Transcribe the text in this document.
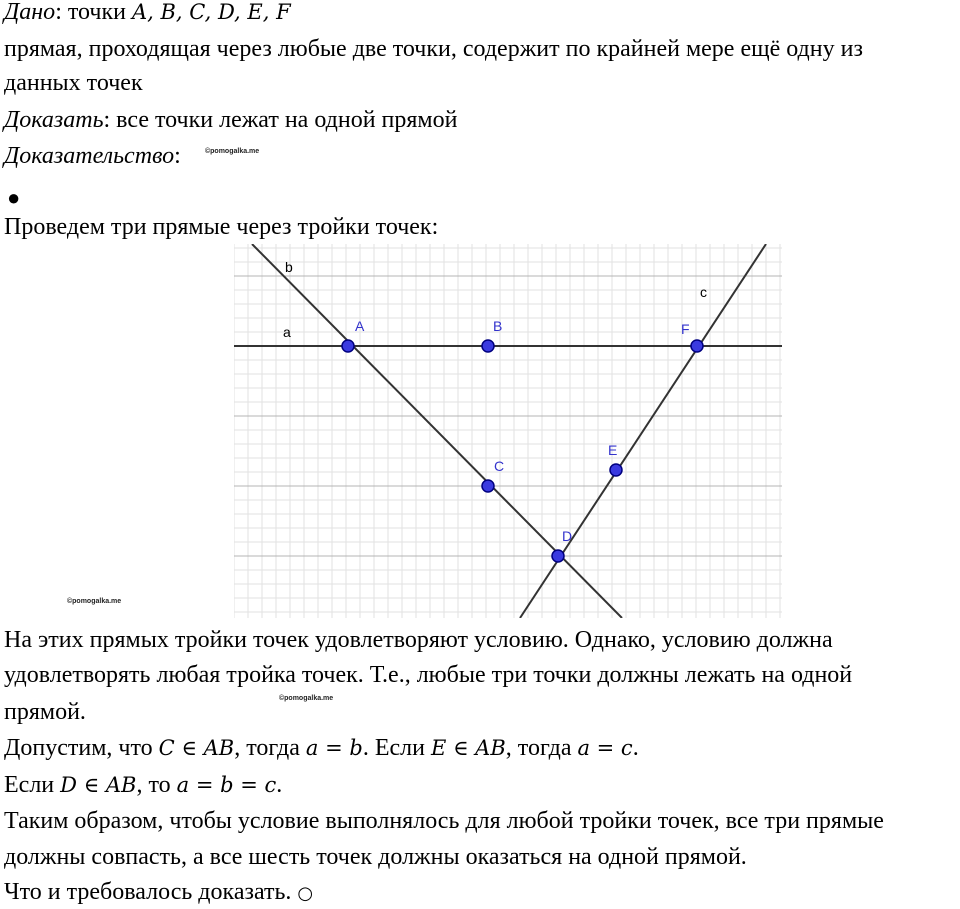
Дано: точки A, B, C, D, E, F
прямая, проходящая через любые две точки, содержит по крайней мере ещё одну из
данных точек
Доказать: все точки лежат на одной прямой
Доказательство:	©pomogalka.me
●
Проведем три прямые через тройки точек:
b
a
c
A	B	F
C
E
D
©pomogalka.me
На этих прямых тройки точек удовлетворяют условию. Однако, условию должна
удовлетворять любая тройка точек. Т.е., любые три точки должны лежать на одной
прямой.
©pomogalka.me
Допустим, что C ∈ AB, тогда a = b. Если E ∈ AB, тогда a = c.
Если D ∈ AB, то a = b = c.
Таким образом, чтобы условие выполнялось для любой тройки точек, все три прямые
должны совпасть, а все шесть точек должны оказаться на одной прямой.
Что и требовалось доказать. ○
